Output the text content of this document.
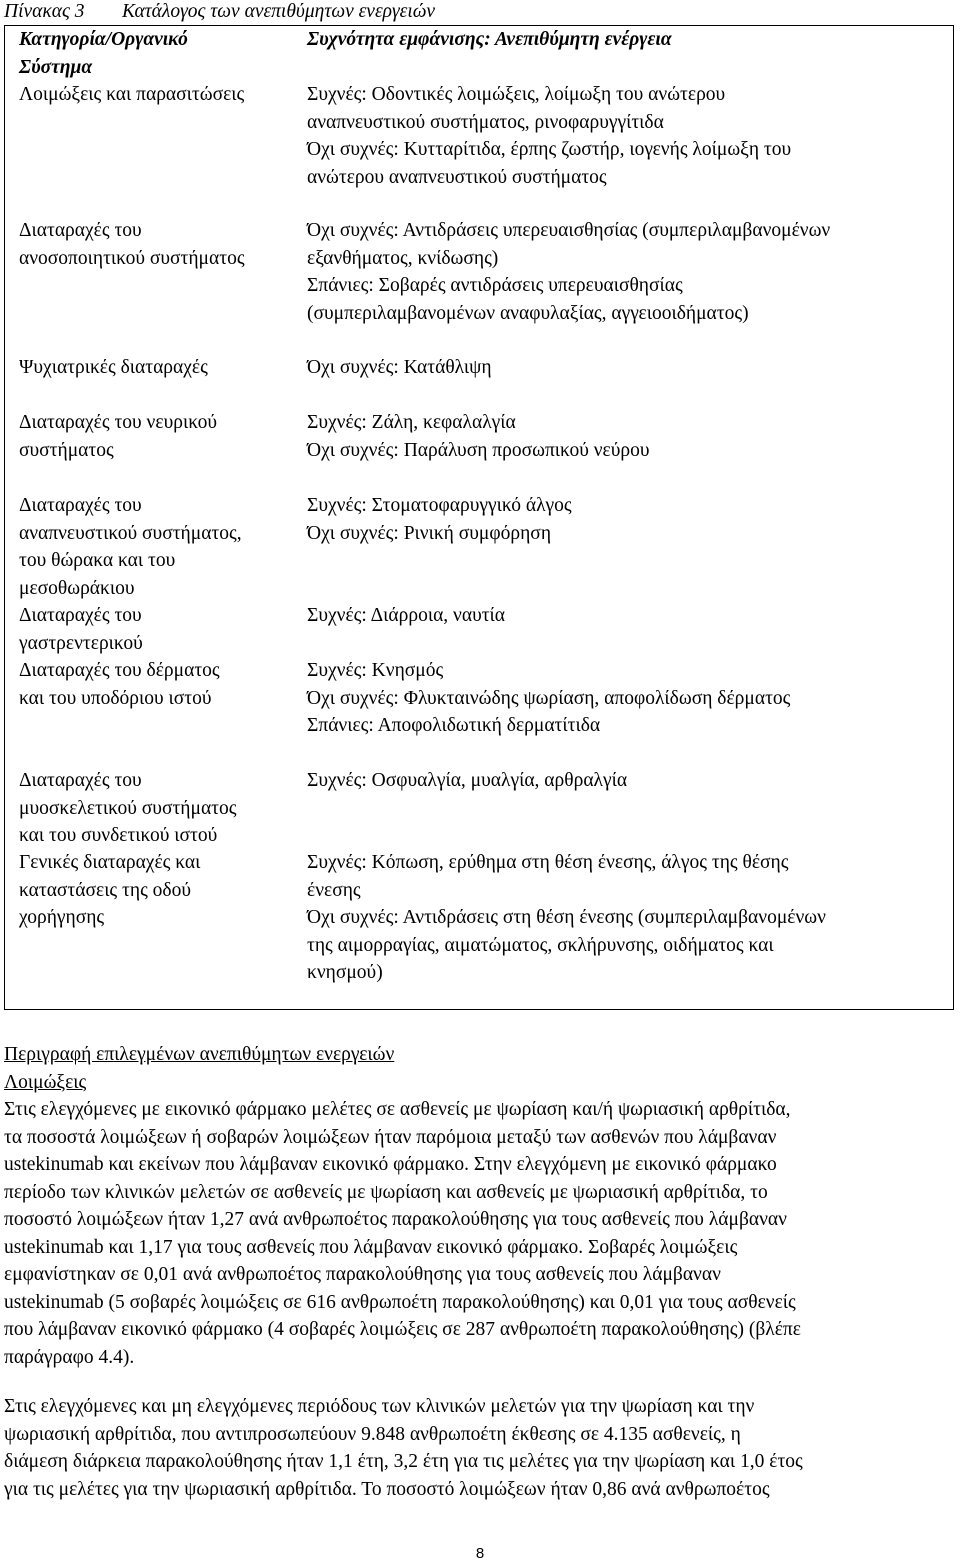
Πίνακας 3 Κατάλογος των ανεπιθύμητων ενεργειών
Κατηγορία/Οργανικό
Σύστημα
Συχνότητα εμφάνισης: Ανεπιθύμητη ενέργεια
Λοιμώξεις και παρασιτώσεις	Συχνές: Οδοντικές λοιμώξεις, λοίμωξη του ανώτερου
αναπνευστικού συστήματος, ρινοφαρυγγίτιδα
Όχι συχνές: Κυτταρίτιδα, έρπης ζωστήρ, ιογενής λοίμωξη του
ανώτερου αναπνευστικού συστήματος
Διαταραχές του
ανοσοποιητικού συστήματος
Όχι συχνές: Αντιδράσεις υπερευαισθησίας (συμπεριλαμβανομένων
εξανθήματος, κνίδωσης)
Σπάνιες: Σοβαρές αντιδράσεις υπερευαισθησίας
(συμπεριλαμβανομένων αναφυλαξίας, αγγειοοιδήματος)
Ψυχιατρικές διαταραχές	Όχι συχνές: Κατάθλιψη
Διαταραχές του νευρικού
συστήματος
Συχνές: Ζάλη, κεφαλαλγία
Όχι συχνές: Παράλυση προσωπικού νεύρου
Διαταραχές του
αναπνευστικού συστήματος,
του θώρακα και του
μεσοθωράκιου
Συχνές: Στοματοφαρυγγικό άλγος
Όχι συχνές: Ρινική συμφόρηση
Διαταραχές του
γαστρεντερικού
Συχνές: Διάρροια, ναυτία
Διαταραχές του δέρματος
και του υποδόριου ιστού
Συχνές: Κνησμός
Όχι συχνές: Φλυκταινώδης ψωρίαση, αποφολίδωση δέρματος
Σπάνιες: Αποφολιδωτική δερματίτιδα
Διαταραχές του
μυοσκελετικού συστήματος
και του συνδετικού ιστού
Συχνές: Οσφυαλγία, μυαλγία, αρθραλγία
Γενικές διαταραχές και
καταστάσεις της οδού
χορήγησης
Συχνές: Κόπωση, ερύθημα στη θέση ένεσης, άλγος της θέσης
ένεσης
Όχι συχνές: Αντιδράσεις στη θέση ένεσης (συμπεριλαμβανομένων
της αιμορραγίας, αιματώματος, σκλήρυνσης, οιδήματος και
κνησμού)
Περιγραφή επιλεγμένων ανεπιθύμητων ενεργειών
Λοιμώξεις
Στις ελεγχόμενες με εικονικό φάρμακο μελέτες σε ασθενείς με ψωρίαση και/ή ψωριασική αρθρίτιδα,
τα ποσοστά λοιμώξεων ή σοβαρών λοιμώξεων ήταν παρόμοια μεταξύ των ασθενών που λάμβαναν
ustekinumab και εκείνων που λάμβαναν εικονικό φάρμακο. Στην ελεγχόμενη με εικονικό φάρμακο
περίοδο των κλινικών μελετών σε ασθενείς με ψωρίαση και ασθενείς με ψωριασική αρθρίτιδα, το
ποσοστό λοιμώξεων ήταν 1,27 ανά ανθρωποέτος παρακολούθησης για τους ασθενείς που λάμβαναν
ustekinumab και 1,17 για τους ασθενείς που λάμβαναν εικονικό φάρμακο. Σοβαρές λοιμώξεις
εμφανίστηκαν σε 0,01 ανά ανθρωποέτος παρακολούθησης για τους ασθενείς που λάμβαναν
ustekinumab (5 σοβαρές λοιμώξεις σε 616 ανθρωποέτη παρακολούθησης) και 0,01 για τους ασθενείς
που λάμβαναν εικονικό φάρμακο (4 σοβαρές λοιμώξεις σε 287 ανθρωποέτη παρακολούθησης) (βλέπε
παράγραφο 4.4).
Στις ελεγχόμενες και μη ελεγχόμενες περιόδους των κλινικών μελετών για την ψωρίαση και την
ψωριασική αρθρίτιδα, που αντιπροσωπεύουν 9.848 ανθρωποέτη έκθεσης σε 4.135 ασθενείς, η
διάμεση διάρκεια παρακολούθησης ήταν 1,1 έτη, 3,2 έτη για τις μελέτες για την ψωρίαση και 1,0 έτος
για τις μελέτες για την ψωριασική αρθρίτιδα. Το ποσοστό λοιμώξεων ήταν 0,86 ανά ανθρωποέτος
8
